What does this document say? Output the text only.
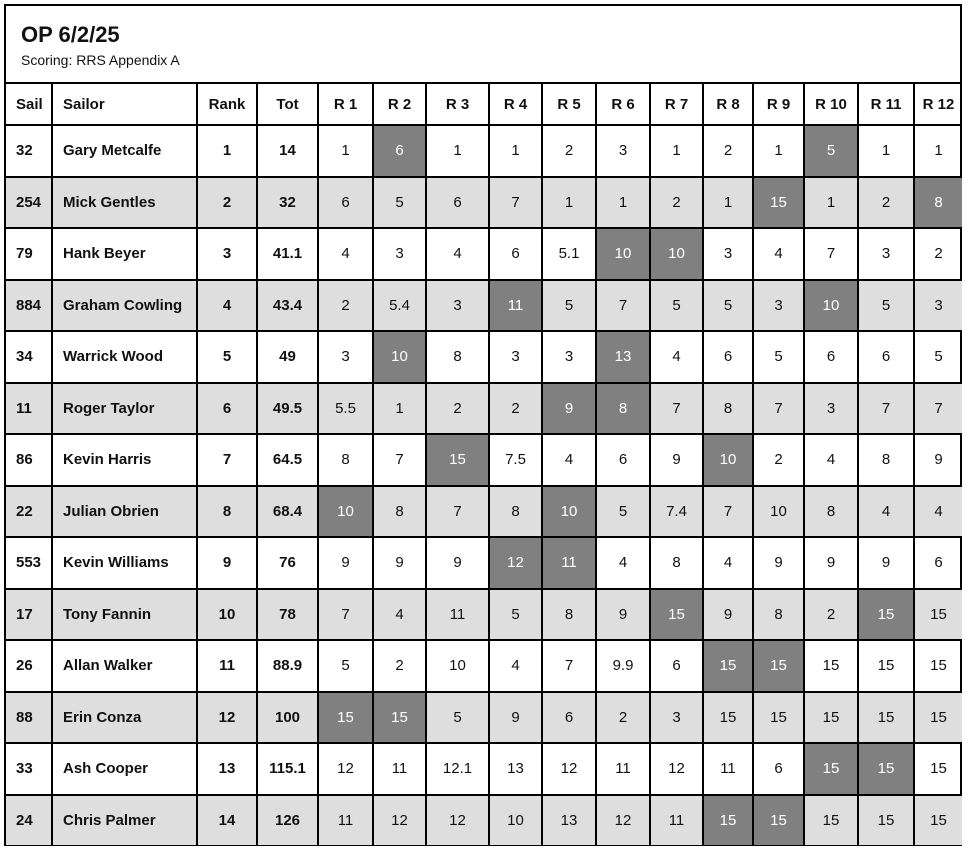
OP 6/2/25
Scoring: RRS Appendix A
Sail	Sailor	Rank	Tot	R 1	R 2	R 3	R 4	R 5	R 6	R 7	R 8	R 9	R 10	R 11	R 12
32	Gary Metcalfe	1	14	1	6	1	1	2	3	1	2	1	5	1	1
254	Mick Gentles	2	32	6	5	6	7	1	1	2	1	15	1	2	8
79	Hank Beyer	3	41.1	4	3	4	6	5.1	10	10	3	4	7	3	2
884	Graham Cowling	4	43.4	2	5.4	3	11	5	7	5	5	3	10	5	3
34	Warrick Wood	5	49	3	10	8	3	3	13	4	6	5	6	6	5
11	Roger Taylor	6	49.5	5.5	1	2	2	9	8	7	8	7	3	7	7
86	Kevin Harris	7	64.5	8	7	15	7.5	4	6	9	10	2	4	8	9
22	Julian Obrien	8	68.4	10	8	7	8	10	5	7.4	7	10	8	4	4
553	Kevin Williams	9	76	9	9	9	12	11	4	8	4	9	9	9	6
17	Tony Fannin	10	78	7	4	11	5	8	9	15	9	8	2	15	15
26	Allan Walker	11	88.9	5	2	10	4	7	9.9	6	15	15	15	15	15
88	Erin Conza	12	100	15	15	5	9	6	2	3	15	15	15	15	15
33	Ash Cooper	13	115.1	12	11	12.1	13	12	11	12	11	6	15	15	15
24	Chris Palmer	14	126	11	12	12	10	13	12	11	15	15	15	15	15
